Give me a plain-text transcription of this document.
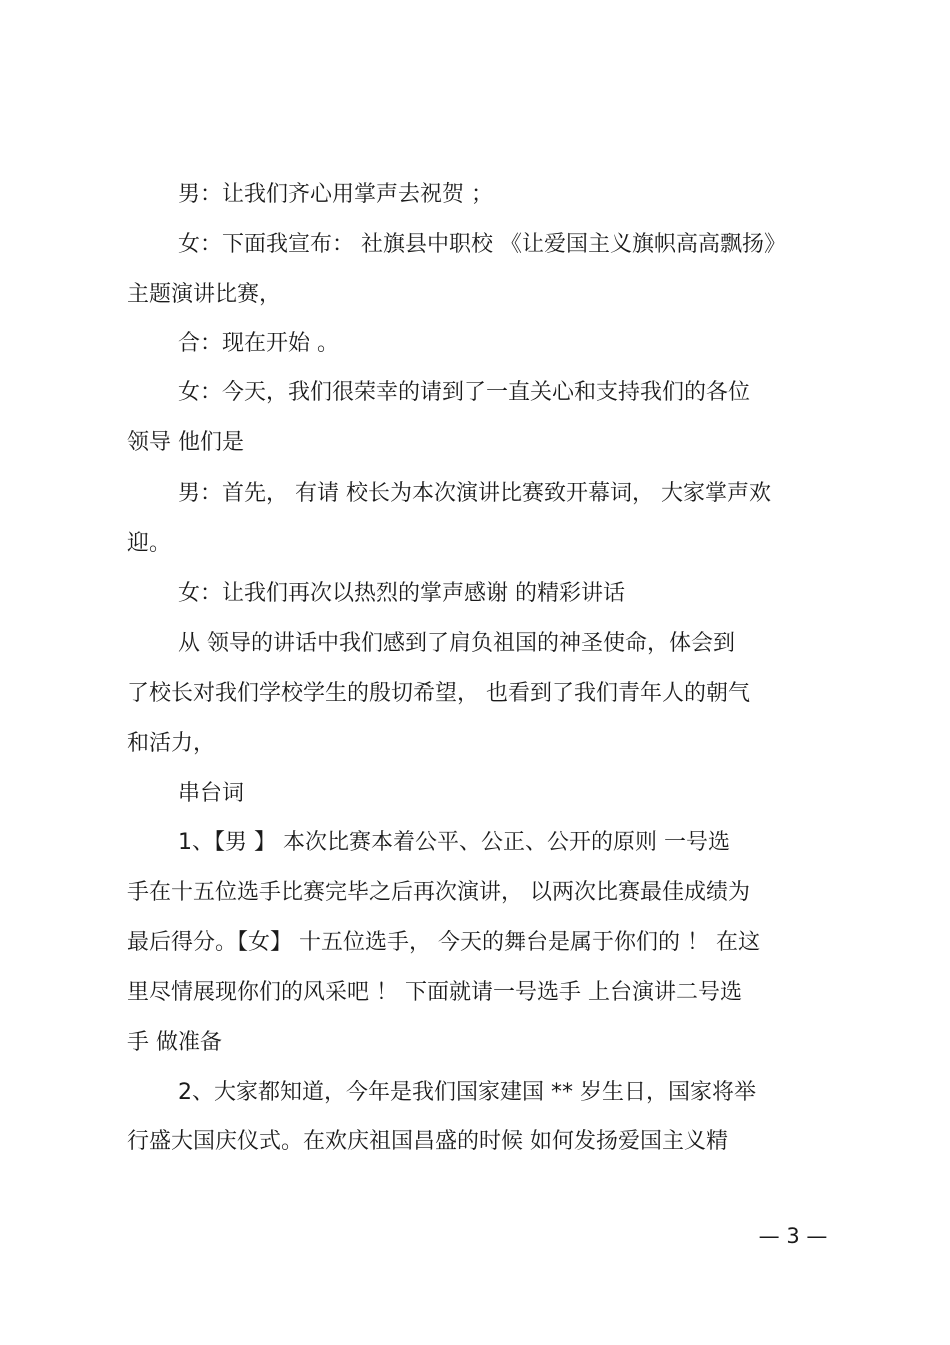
男：让我们齐心用掌声去祝贺 ；

女：下面我宣布： 社旗县中职校 《让爱国主义旗帜高高飘扬》

主题演讲比赛，

合：现在开始 。

女：今天，我们很荣幸的请到了一直关心和支持我们的各位

领导 他们是

男：首先， 有请 校长为本次演讲比赛致开幕词， 大家掌声欢

迎。

女：让我们再次以热烈的掌声感谢 的精彩讲话

从 领导的讲话中我们感到了肩负祖国的神圣使命，体会到

了校长对我们学校学生的殷切希望， 也看到了我们青年人的朝气

和活力，

串台词

1、【男 】 本次比赛本着公平、公正、公开的原则 一号选

手在十五位选手比赛完毕之后再次演讲， 以两次比赛最佳成绩为

最后得分。【女】 十五位选手， 今天的舞台是属于你们的 ！ 在这

里尽情展现你们的风采吧 ！ 下面就请一号选手 上台演讲二号选

手 做准备

2、大家都知道，今年是我们国家建国 ** 岁生日，国家将举

行盛大国庆仪式。在欢庆祖国昌盛的时候 如何发扬爱国主义精

— 3 —
